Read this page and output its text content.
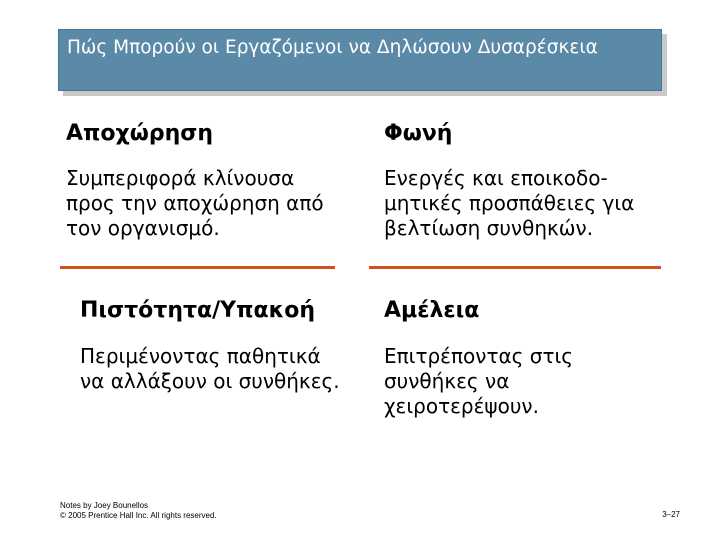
Πώς Μπορούν οι Εργαζόμενοι να Δηλώσουν Δυσαρέσκεια
Αποχώρηση
Συμπεριφορά κλίνουσα
προς την αποχώρηση από
τον οργανισμό.
Φωνή
Ενεργές και εποικοδο-
μητικές προσπάθειες για
βελτίωση συνθηκών.
Πιστότητα/Υπακοή
Περιμένοντας παθητικά
να αλλάξουν οι συνθήκες.
Αμέλεια
Επιτρέποντας στις
συνθήκες να
χειροτερέψουν.
Notes by Joey Bounellos
© 2005 Prentice Hall Inc. All rights reserved.	3–27
